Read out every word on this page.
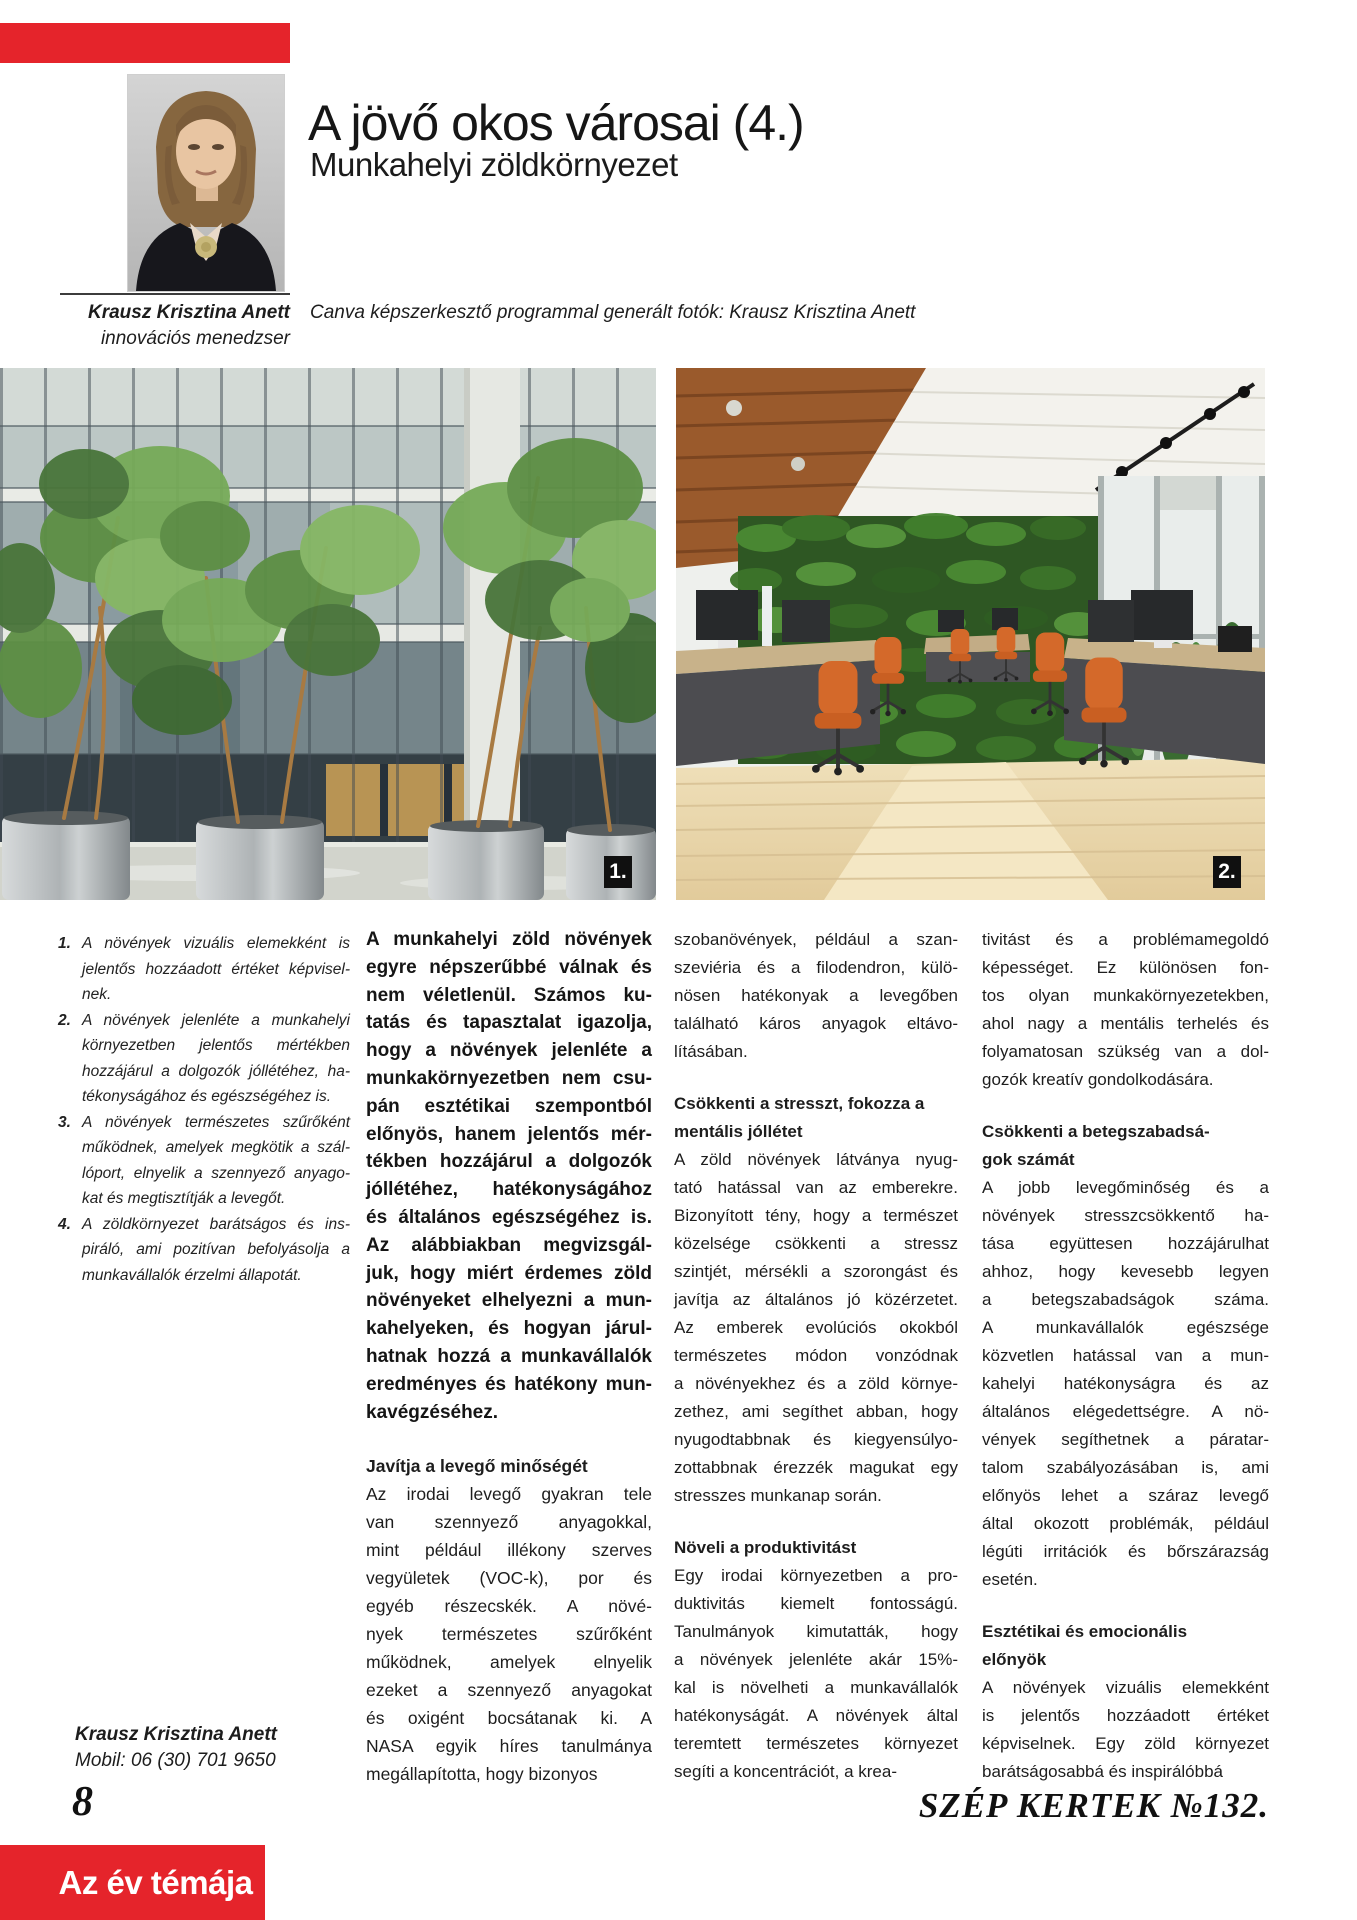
A jövő okos városai (4.)
Munkahelyi zöldkörnyezet
Krausz Krisztina Anett
innovációs menedzser
Canva képszerkesztő programmal generált fotók: Krausz Krisztina Anett
1.	2.
1. A növények vizuális elemekként is
jelentős hozzáadott értéket képvisel-
nek.
2. A növények jelenléte a munkahelyi
környezetben jelentős mértékben
hozzájárul a dolgozók jóllétéhez, ha-
tékonyságához és egészségéhez is.
3. A növények természetes szűrőként
működnek, amelyek megkötik a szál-
lóport, elnyelik a szennyező anyago-
kat és megtisztítják a levegőt.
4. A zöldkörnyezet barátságos és ins-
piráló, ami pozitívan befolyásolja a
munkavállalók érzelmi állapotát.
A munkahelyi zöld növények
egyre népszerűbbé válnak és
nem véletlenül. Számos ku-
tatás és tapasztalat igazolja,
hogy a növények jelenléte a
munkakörnyezetben nem csu-
pán esztétikai szempontból
előnyös, hanem jelentős mér-
tékben hozzájárul a dolgozók
jóllétéhez, hatékonyságához
és általános egészségéhez is.
Az alábbiakban megvizsgál-
juk, hogy miért érdemes zöld
növényeket elhelyezni a mun-
kahelyeken, és hogyan járul-
hatnak hozzá a munkavállalók
eredményes és hatékony mun-
kavégzéséhez.
Javítja a levegő minőségét
Az irodai levegő gyakran tele
van szennyező anyagokkal,
mint például illékony szerves
vegyületek (VOC-k), por és
egyéb részecskék. A növé-
nyek természetes szűrőként
működnek, amelyek elnyelik
ezeket a szennyező anyagokat
és oxigént bocsátanak ki. A
NASA egyik híres tanulmánya
megállapította, hogy bizonyos
szobanövények, például a szan-
szeviéria és a filodendron, külö-
nösen hatékonyak a levegőben
található káros anyagok eltávo-
lításában.
Csökkenti a stresszt, fokozza a
mentális jóllétet
A zöld növények látványa nyug-
tató hatással van az emberekre.
Bizonyított tény, hogy a természet
közelsége csökkenti a stressz
szintjét, mérsékli a szorongást és
javítja az általános jó közérzetet.
Az emberek evolúciós okokból
természetes módon vonzódnak
a növényekhez és a zöld környe-
zethez, ami segíthet abban, hogy
nyugodtabbnak és kiegyensúlyo-
zottabbnak érezzék magukat egy
stresszes munkanap során.
Növeli a produktivitást
Egy irodai környezetben a pro-
duktivitás kiemelt fontosságú.
Tanulmányok kimutatták, hogy
a növények jelenléte akár 15%-
kal is növelheti a munkavállalók
hatékonyságát. A növények által
teremtett természetes környezet
segíti a koncentrációt, a krea-
tivitást és a problémamegoldó
képességet. Ez különösen fon-
tos olyan munkakörnyezetekben,
ahol nagy a mentális terhelés és
folyamatosan szükség van a dol-
gozók kreatív gondolkodására.
Csökkenti a betegszabadsá-
gok számát
A jobb levegőminőség és a
növények stresszcsökkentő ha-
tása együttesen hozzájárulhat
ahhoz, hogy kevesebb legyen
a betegszabadságok száma.
A munkavállalók egészsége
közvetlen hatással van a mun-
kahelyi hatékonyságra és az
általános elégedettségre. A nö-
vények segíthetnek a páratar-
talom szabályozásában is, ami
előnyös lehet a száraz levegő
által okozott problémák, például
légúti irritációk és bőrszárazság
esetén.
Esztétikai és emocionális
előnyök
A növények vizuális elemekként
is jelentős hozzáadott értéket
képviselnek. Egy zöld környezet
barátságosabbá és inspirálóbbá
Krausz Krisztina Anett
Mobil: 06 (30) 701 9650
8	SZÉP KERTEK №132.
Az év témája
